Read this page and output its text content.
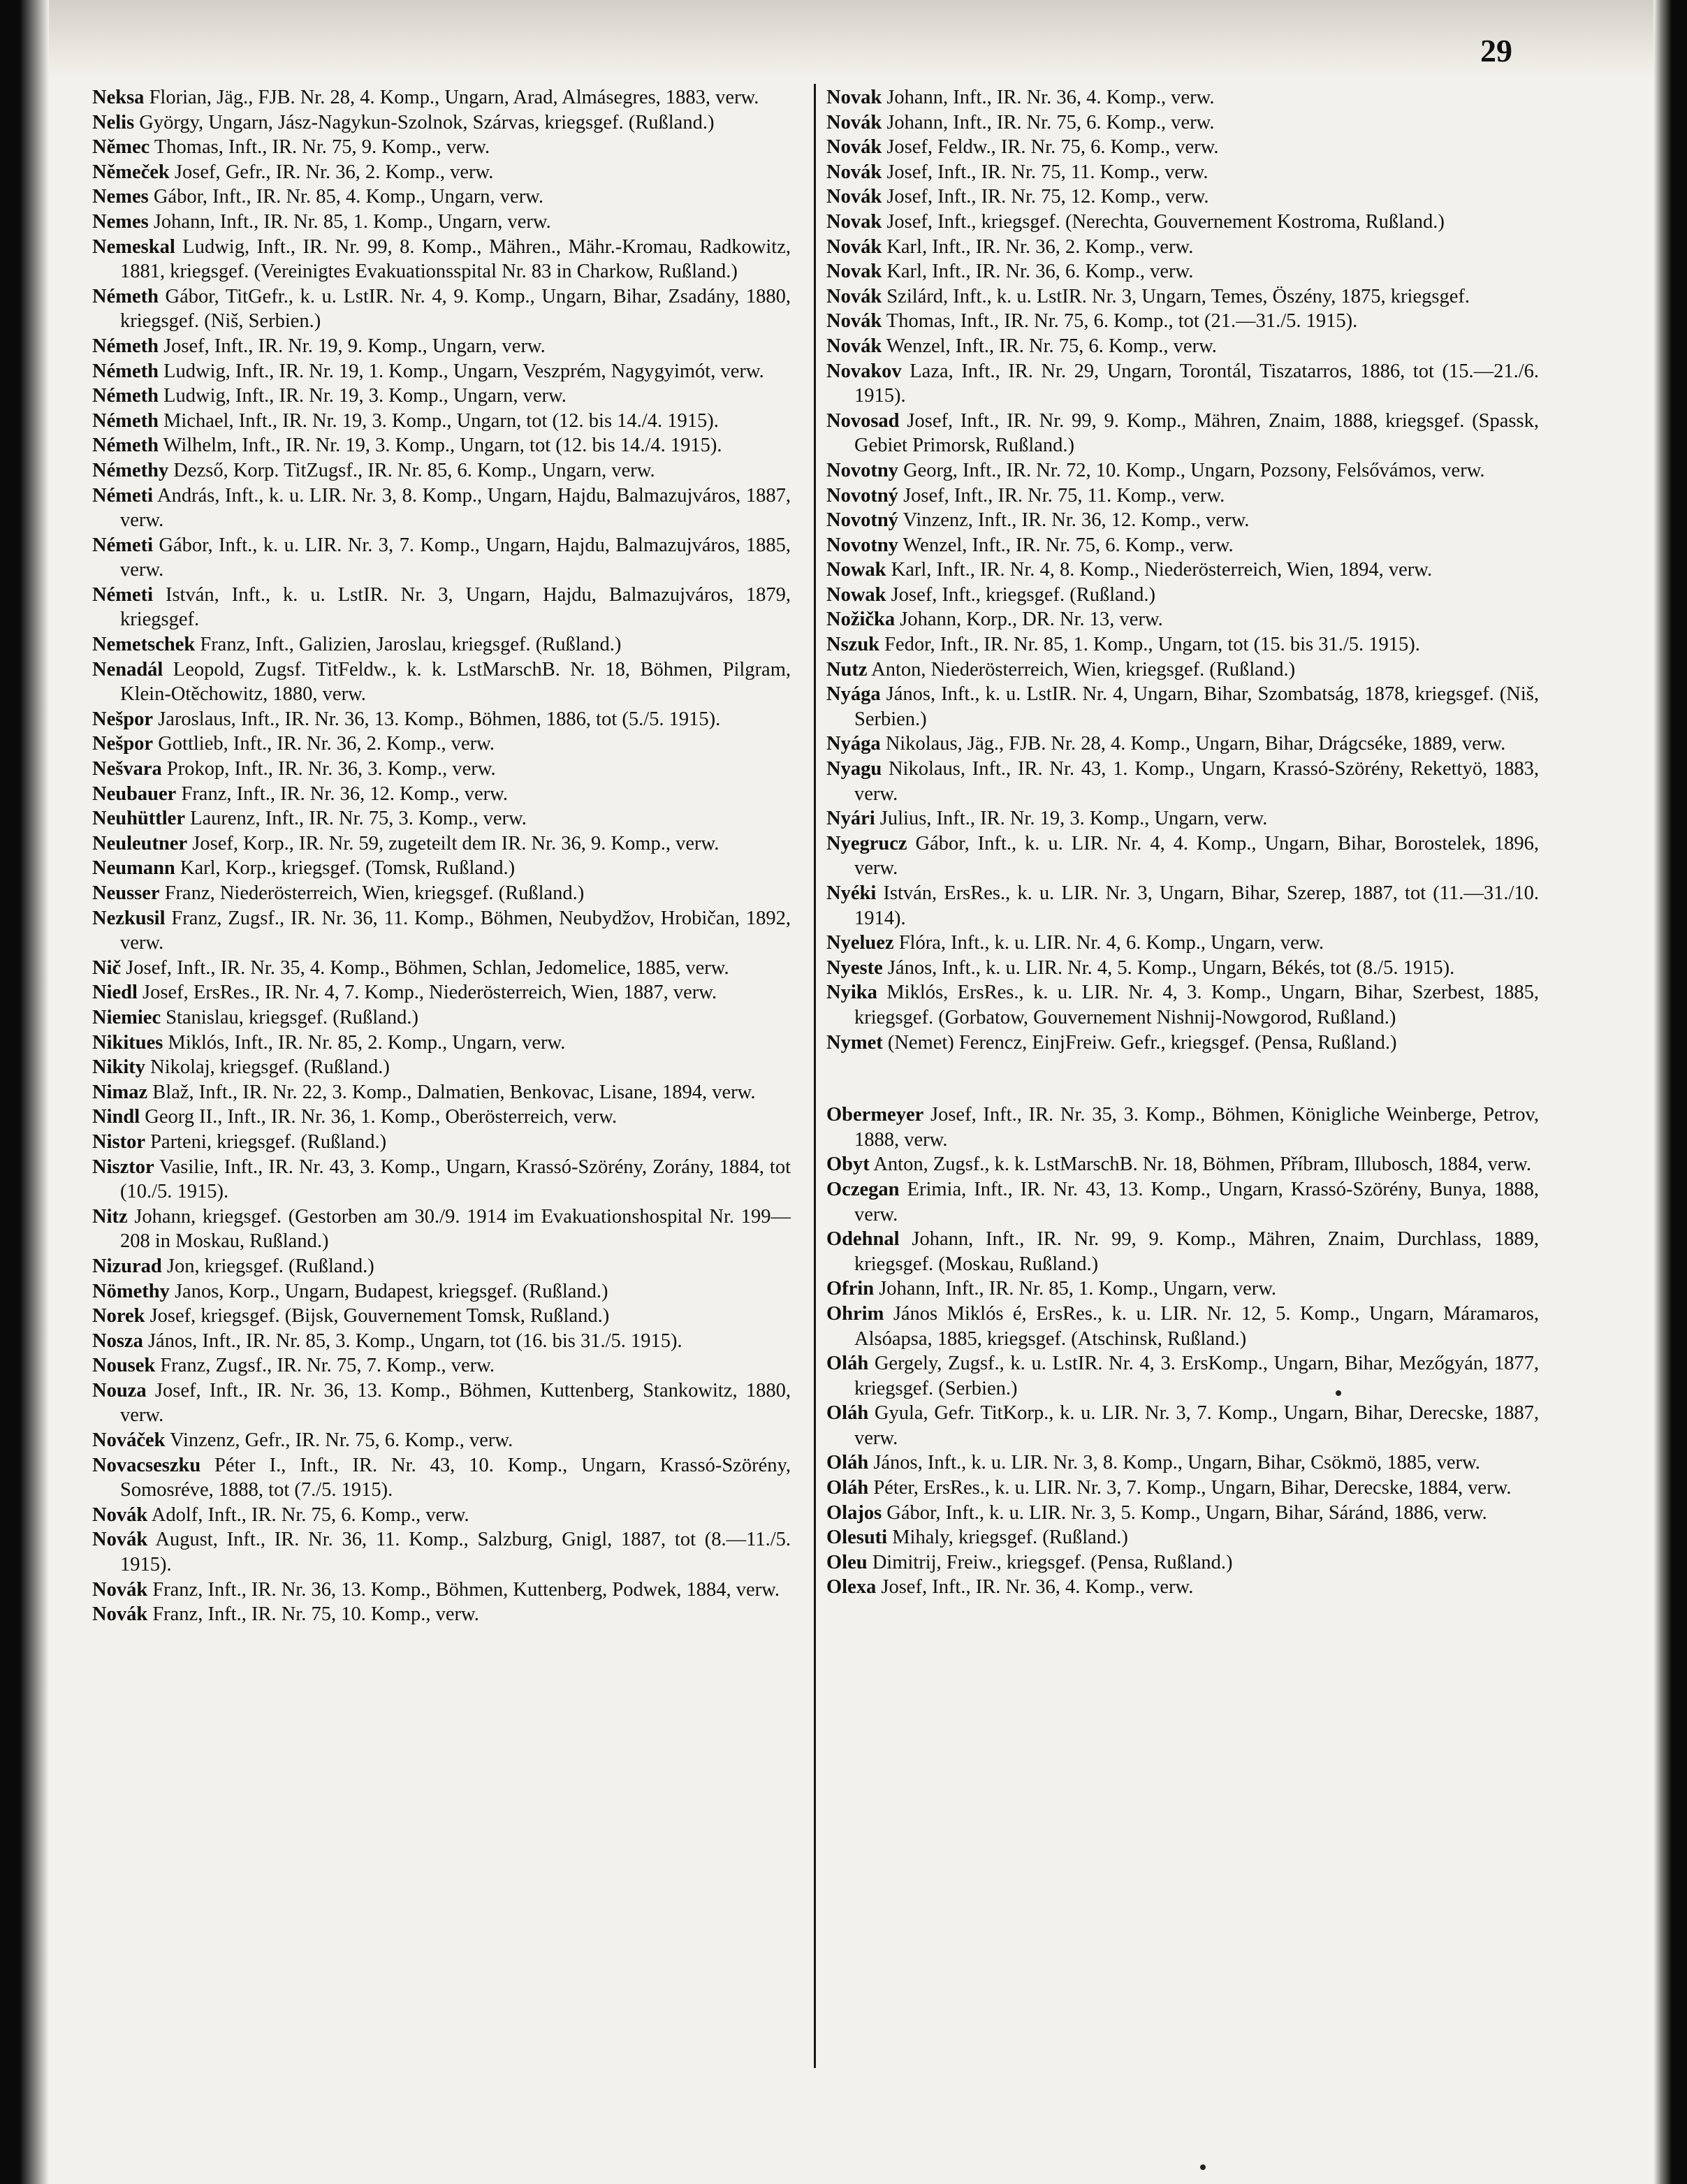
29
Neksa Florian, Jäg., FJB. Nr. 28, 4. Komp., Ungarn, Arad, Almásegres, 1883, verw.
Nelis György, Ungarn, Jász-Nagykun-Szolnok, Szárvas, kriegsgef. (Rußland.)
Němec Thomas, Inft., IR. Nr. 75, 9. Komp., verw.
Němeček Josef, Gefr., IR. Nr. 36, 2. Komp., verw.
Nemes Gábor, Inft., IR. Nr. 85, 4. Komp., Ungarn, verw.
Nemes Johann, Inft., IR. Nr. 85, 1. Komp., Ungarn, verw.
Nemeskal Ludwig, Inft., IR. Nr. 99, 8. Komp., Mähren., Mähr.-Kromau, Radkowitz, 1881, kriegsgef. (Vereinigtes Evakuationsspital Nr. 83 in Charkow, Rußland.)
Németh Gábor, TitGefr., k. u. LstIR. Nr. 4, 9. Komp., Ungarn, Bihar, Zsadány, 1880, kriegsgef. (Niš, Serbien.)
Németh Josef, Inft., IR. Nr. 19, 9. Komp., Ungarn, verw.
Németh Ludwig, Inft., IR. Nr. 19, 1. Komp., Ungarn, Veszprém, Nagygyimót, verw.
Németh Ludwig, Inft., IR. Nr. 19, 3. Komp., Ungarn, verw.
Németh Michael, Inft., IR. Nr. 19, 3. Komp., Ungarn, tot (12. bis 14./4. 1915).
Németh Wilhelm, Inft., IR. Nr. 19, 3. Komp., Ungarn, tot (12. bis 14./4. 1915).
Némethy Dezső, Korp. TitZugsf., IR. Nr. 85, 6. Komp., Ungarn, verw.
Németi András, Inft., k. u. LIR. Nr. 3, 8. Komp., Ungarn, Hajdu, Balmazujváros, 1887, verw.
Németi Gábor, Inft., k. u. LIR. Nr. 3, 7. Komp., Ungarn, Hajdu, Balmazujváros, 1885, verw.
Németi István, Inft., k. u. LstIR. Nr. 3, Ungarn, Hajdu, Balmazujváros, 1879, kriegsgef.
Nemetschek Franz, Inft., Galizien, Jaroslau, kriegsgef. (Rußland.)
Nenadál Leopold, Zugsf. TitFeldw., k. k. LstMarschB. Nr. 18, Böhmen, Pilgram, Klein-Otěchowitz, 1880, verw.
Nešpor Jaroslaus, Inft., IR. Nr. 36, 13. Komp., Böhmen, 1886, tot (5./5. 1915).
Nešpor Gottlieb, Inft., IR. Nr. 36, 2. Komp., verw.
Nešvara Prokop, Inft., IR. Nr. 36, 3. Komp., verw.
Neubauer Franz, Inft., IR. Nr. 36, 12. Komp., verw.
Neuhüttler Laurenz, Inft., IR. Nr. 75, 3. Komp., verw.
Neuleutner Josef, Korp., IR. Nr. 59, zugeteilt dem IR. Nr. 36, 9. Komp., verw.
Neumann Karl, Korp., kriegsgef. (Tomsk, Rußland.)
Neusser Franz, Niederösterreich, Wien, kriegsgef. (Rußland.)
Nezkusil Franz, Zugsf., IR. Nr. 36, 11. Komp., Böhmen, Neubydžov, Hrobičan, 1892, verw.
Nič Josef, Inft., IR. Nr. 35, 4. Komp., Böhmen, Schlan, Jedomelice, 1885, verw.
Niedl Josef, ErsRes., IR. Nr. 4, 7. Komp., Niederösterreich, Wien, 1887, verw.
Niemiec Stanislau, kriegsgef. (Rußland.)
Nikitues Miklós, Inft., IR. Nr. 85, 2. Komp., Ungarn, verw.
Nikity Nikolaj, kriegsgef. (Rußland.)
Nimaz Blaž, Inft., IR. Nr. 22, 3. Komp., Dalmatien, Benkovac, Lisane, 1894, verw.
Nindl Georg II., Inft., IR. Nr. 36, 1. Komp., Oberösterreich, verw.
Nistor Parteni, kriegsgef. (Rußland.)
Nisztor Vasilie, Inft., IR. Nr. 43, 3. Komp., Ungarn, Krassó-Szörény, Zorány, 1884, tot (10./5. 1915).
Nitz Johann, kriegsgef. (Gestorben am 30./9. 1914 im Evakuationshospital Nr. 199—208 in Moskau, Rußland.)
Nizurad Jon, kriegsgef. (Rußland.)
Nömethy Janos, Korp., Ungarn, Budapest, kriegsgef. (Rußland.)
Norek Josef, kriegsgef. (Bijsk, Gouvernement Tomsk, Rußland.)
Nosza János, Inft., IR. Nr. 85, 3. Komp., Ungarn, tot (16. bis 31./5. 1915).
Nousek Franz, Zugsf., IR. Nr. 75, 7. Komp., verw.
Nouza Josef, Inft., IR. Nr. 36, 13. Komp., Böhmen, Kuttenberg, Stankowitz, 1880, verw.
Nováček Vinzenz, Gefr., IR. Nr. 75, 6. Komp., verw.
Novacseszku Péter I., Inft., IR. Nr. 43, 10. Komp., Ungarn, Krassó-Szörény, Somosréve, 1888, tot (7./5. 1915).
Novák Adolf, Inft., IR. Nr. 75, 6. Komp., verw.
Novák August, Inft., IR. Nr. 36, 11. Komp., Salzburg, Gnigl, 1887, tot (8.—11./5. 1915).
Novák Franz, Inft., IR. Nr. 36, 13. Komp., Böhmen, Kuttenberg, Podwek, 1884, verw.
Novák Franz, Inft., IR. Nr. 75, 10. Komp., verw.
Novak Johann, Inft., IR. Nr. 36, 4. Komp., verw.
Novák Johann, Inft., IR. Nr. 75, 6. Komp., verw.
Novák Josef, Feldw., IR. Nr. 75, 6. Komp., verw.
Novák Josef, Inft., IR. Nr. 75, 11. Komp., verw.
Novák Josef, Inft., IR. Nr. 75, 12. Komp., verw.
Novak Josef, Inft., kriegsgef. (Nerechta, Gouvernement Kostroma, Rußland.)
Novák Karl, Inft., IR. Nr. 36, 2. Komp., verw.
Novak Karl, Inft., IR. Nr. 36, 6. Komp., verw.
Novák Szilárd, Inft., k. u. LstIR. Nr. 3, Ungarn, Temes, Öszény, 1875, kriegsgef.
Novák Thomas, Inft., IR. Nr. 75, 6. Komp., tot (21.—31./5. 1915).
Novák Wenzel, Inft., IR. Nr. 75, 6. Komp., verw.
Novakov Laza, Inft., IR. Nr. 29, Ungarn, Torontál, Tiszatarros, 1886, tot (15.—21./6. 1915).
Novosad Josef, Inft., IR. Nr. 99, 9. Komp., Mähren, Znaim, 1888, kriegsgef. (Spassk, Gebiet Primorsk, Rußland.)
Novotny Georg, Inft., IR. Nr. 72, 10. Komp., Ungarn, Pozsony, Felsővámos, verw.
Novotný Josef, Inft., IR. Nr. 75, 11. Komp., verw.
Novotný Vinzenz, Inft., IR. Nr. 36, 12. Komp., verw.
Novotny Wenzel, Inft., IR. Nr. 75, 6. Komp., verw.
Nowak Karl, Inft., IR. Nr. 4, 8. Komp., Niederösterreich, Wien, 1894, verw.
Nowak Josef, Inft., kriegsgef. (Rußland.)
Nožička Johann, Korp., DR. Nr. 13, verw.
Nszuk Fedor, Inft., IR. Nr. 85, 1. Komp., Ungarn, tot (15. bis 31./5. 1915).
Nutz Anton, Niederösterreich, Wien, kriegsgef. (Rußland.)
Nyága János, Inft., k. u. LstIR. Nr. 4, Ungarn, Bihar, Szombatság, 1878, kriegsgef. (Niš, Serbien.)
Nyága Nikolaus, Jäg., FJB. Nr. 28, 4. Komp., Ungarn, Bihar, Drágcséke, 1889, verw.
Nyagu Nikolaus, Inft., IR. Nr. 43, 1. Komp., Ungarn, Krassó-Szörény, Rekettyö, 1883, verw.
Nyári Julius, Inft., IR. Nr. 19, 3. Komp., Ungarn, verw.
Nyegrucz Gábor, Inft., k. u. LIR. Nr. 4, 4. Komp., Ungarn, Bihar, Borostelek, 1896, verw.
Nyéki István, ErsRes., k. u. LIR. Nr. 3, Ungarn, Bihar, Szerep, 1887, tot (11.—31./10. 1914).
Nyeluez Flóra, Inft., k. u. LIR. Nr. 4, 6. Komp., Ungarn, verw.
Nyeste János, Inft., k. u. LIR. Nr. 4, 5. Komp., Ungarn, Békés, tot (8./5. 1915).
Nyika Miklós, ErsRes., k. u. LIR. Nr. 4, 3. Komp., Ungarn, Bihar, Szerbest, 1885, kriegsgef. (Gorbatow, Gouvernement Nishnij-Nowgorod, Rußland.)
Nymet (Nemet) Ferencz, EinjFreiw. Gefr., kriegsgef. (Pensa, Rußland.)
Obermeyer Josef, Inft., IR. Nr. 35, 3. Komp., Böhmen, Königliche Weinberge, Petrov, 1888, verw.
Obyt Anton, Zugsf., k. k. LstMarschB. Nr. 18, Böhmen, Příbram, Illubosch, 1884, verw.
Oczegan Erimia, Inft., IR. Nr. 43, 13. Komp., Ungarn, Krassó-Szörény, Bunya, 1888, verw.
Odehnal Johann, Inft., IR. Nr. 99, 9. Komp., Mähren, Znaim, Durchlass, 1889, kriegsgef. (Moskau, Rußland.)
Ofrin Johann, Inft., IR. Nr. 85, 1. Komp., Ungarn, verw.
Ohrim János Miklós é, ErsRes., k. u. LIR. Nr. 12, 5. Komp., Ungarn, Máramaros, Alsóapsa, 1885, kriegsgef. (Atschinsk, Rußland.)
Oláh Gergely, Zugsf., k. u. LstIR. Nr. 4, 3. ErsKomp., Ungarn, Bihar, Mezőgyán, 1877, kriegsgef. (Serbien.)
Oláh Gyula, Gefr. TitKorp., k. u. LIR. Nr. 3, 7. Komp., Ungarn, Bihar, Derecske, 1887, verw.
Oláh János, Inft., k. u. LIR. Nr. 3, 8. Komp., Ungarn, Bihar, Csökmö, 1885, verw.
Oláh Péter, ErsRes., k. u. LIR. Nr. 3, 7. Komp., Ungarn, Bihar, Derecske, 1884, verw.
Olajos Gábor, Inft., k. u. LIR. Nr. 3, 5. Komp., Ungarn, Bihar, Sáránd, 1886, verw.
Olesuti Mihaly, kriegsgef. (Rußland.)
Oleu Dimitrij, Freiw., kriegsgef. (Pensa, Rußland.)
Olexa Josef, Inft., IR. Nr. 36, 4. Komp., verw.
